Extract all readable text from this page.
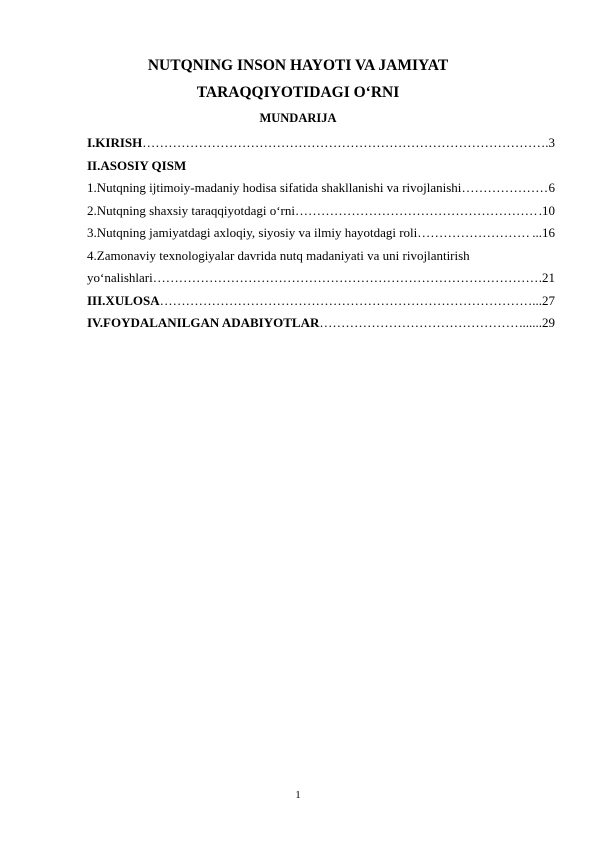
NUTQNING INSON HAYOTI VA JAMIYAT
TARAQQIYOTIDAGI O‘RNI
MUNDARIJA
I.KIRISH ……………………………………………………………………………………………………………………………………………………………	.3
II.ASOSIY QISM
1.Nutqning ijtimoiy-madaniy hodisa sifatida shakllanishi va rivojlanishi ……………………………………………………………………………………………………………………………………………………………	6
2.Nutqning shaxsiy taraqqiyotdagi o‘rni ……………………………………………………………………………………………………………………………………………………………	.10
3.Nutqning jamiyatdagi axloqiy, siyosiy va ilmiy hayotdagi roli ……………………………………………………………………………………………………………………………………………………………	...16
4.Zamonaviy texnologiyalar davrida nutq madaniyati va uni rivojlantirish
yo‘nalishlari ……………………………………………………………………………………………………………………………………………………………	.21
III.XULOSA ……………………………………………………………………………………………………………………………………………………………	...27
IV.FOYDALANILGAN ADABIYOTLAR ……………………………………………………………………………………………………………………………………………………………	......29
1
